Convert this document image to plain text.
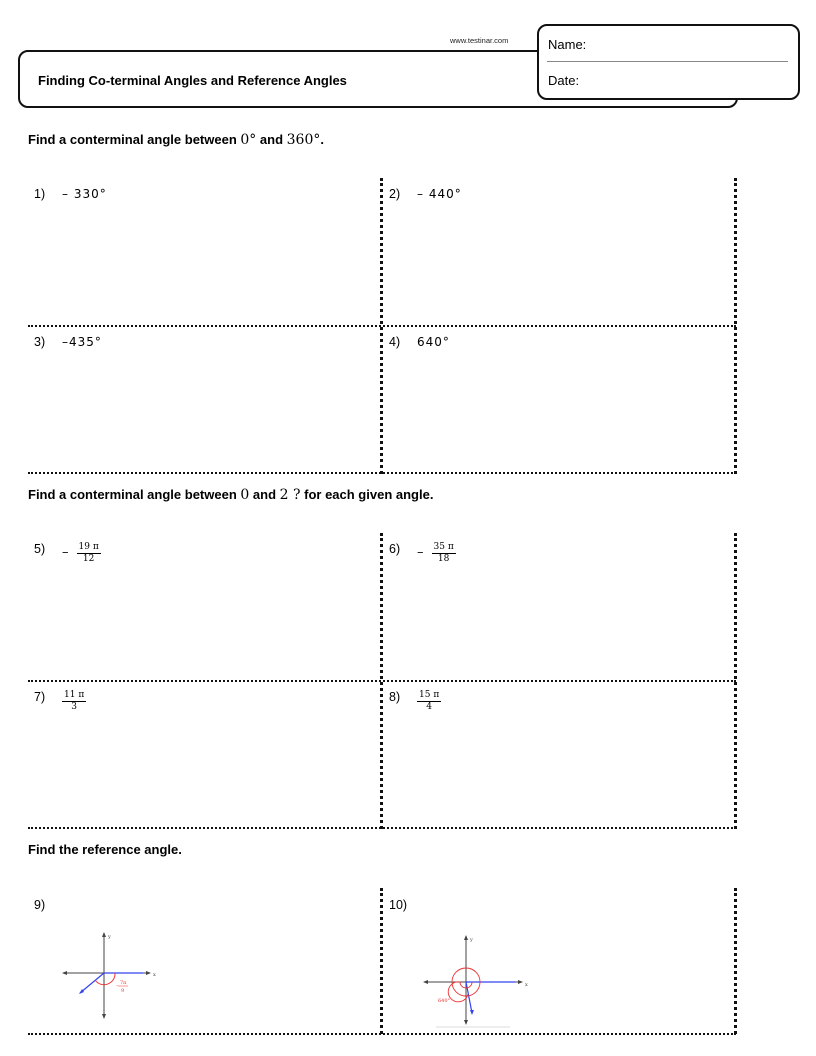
Finding Co-terminal Angles and Reference Angles
www.testinar.com	Name:
Date:
Find a conterminal angle between 0° and 360°.
1)	– 330°	2)	– 440°
3)	–435°	4)	640°
Find a conterminal angle between 0 and 2 ? for each given angle.
5)	– $\frac{19 \pi}{12}$	6)	– $\frac{35 \pi}{18}$
7)	$\frac{11 \pi}{3}$	8)	$\frac{15 \pi}{4}$
Find the reference angle.
9)	10)
y
x
7π
–
9
y
x
640°
